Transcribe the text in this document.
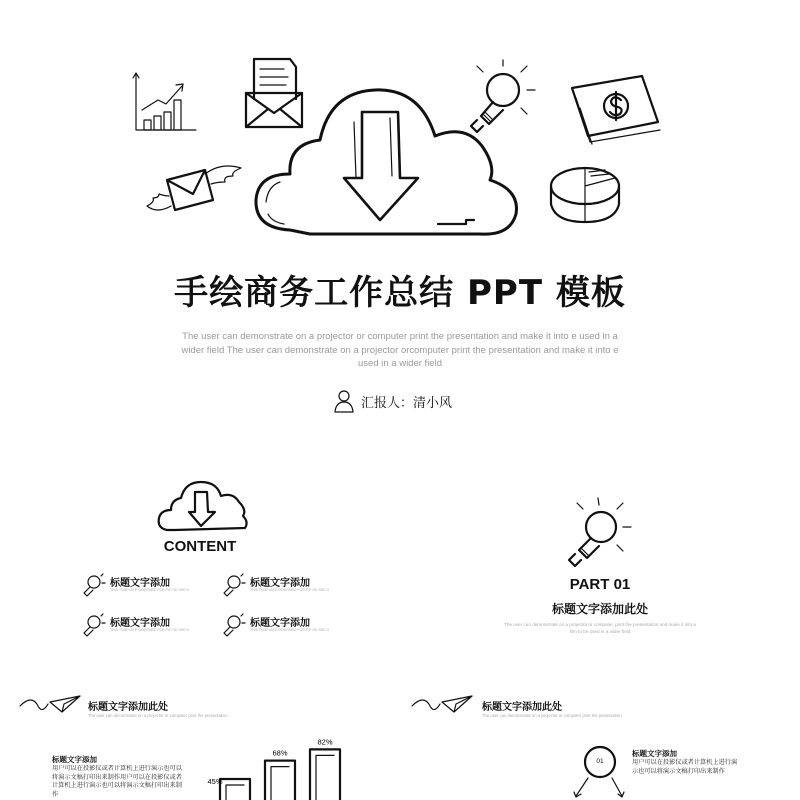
手绘商务工作总结 PPT 模板
The user can demonstrate on a projector or computer print the presentation and make it into e used in a wider field The user can demonstrate on a projector orcomputer print the presentation and make it into e used in a wider field
汇报人：清小风
CONTENT
标题文字添加
THIS TEMPLATE DESIGNED FOR PS! OK SHE D
标题文字添加
THIS TEMPLATE DESIGNED FOR PS! OK SHE D
标题文字添加
THIS TEMPLATE DESIGNED FOR PS! OK SHE D
标题文字添加
THIS TEMPLATE DESIGNED FOR PS! OK SHE D
PART 01
标题文字添加此处
The user can demonstrate on a projector or computer, print the presentation and make it into a film to be used in a wider field
标题文字添加此处
The user can demonstrate on a projector or computer print the presentation
标题文字添加
用户可以在投影仪或者计算机上进行演示也可以将演示文稿打印出来制作用户可以在投影仪或者计算机上进行演示也可以将演示文稿打印出来制作
45%
68%
82%
标题文字添加此处
The user can demonstrate on a projector or computer print the presentation
01
标题文字添加
用户可以在投影仪或者计算机上进行演示也可以将演示文稿打印出来制作
